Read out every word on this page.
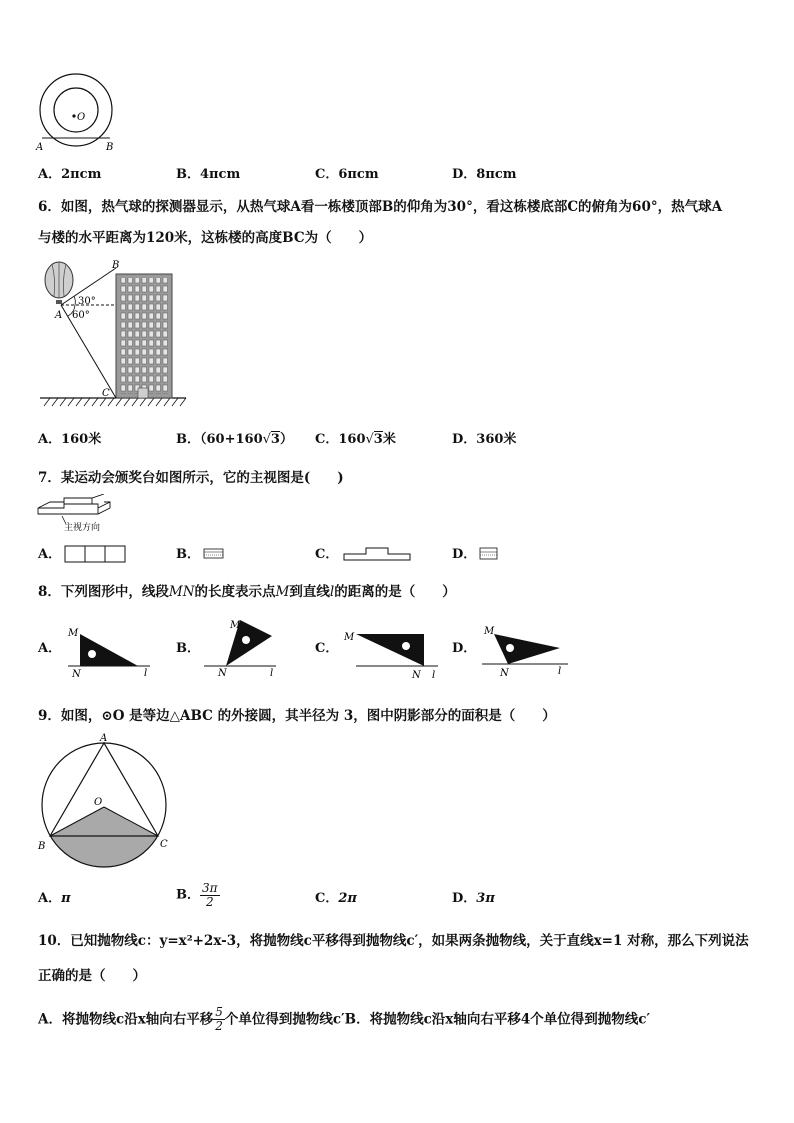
O
A	B
A．2πcm	B．4πcm	C．6πcm	D．8πcm
6．如图，热气球的探测器显示，从热气球A看一栋楼顶部B的仰角为30°，看这栋楼底部C的俯角为60°，热气球A
与楼的水平距离为120米，这栋楼的高度BC为（　　）
B
A
C
30°
60°
A．160米	B．（60+160√3） C．160√3米	D．360米
7．某运动会颁奖台如图所示，它的主视图是(　　)
主视方向
A．	B．	C．	D．
8．下列图形中，线段MN的长度表示点M到直线l的距离的是（　　）
A．
M
N	l
B．
M
N	l
C．
M
N l
D．
M
N	l
9．如图，⊙O 是等边△ABC 的外接圆，其半径为 3，图中阴影部分的面积是（　　）
A
B	C
O
A．π	B． $\frac{3\pi}{2}$	C．2π	D．3π
10．已知抛物线c：y=x²+2x-3，将抛物线c平移得到抛物线c′，如果两条抛物线，关于直线x=1 对称，那么下列说法
正确的是（　　）
A．将抛物线c沿x轴向右平移 $\frac{5}{2}$ 个单位得到抛物线c′B．将抛物线c沿x轴向右平移4个单位得到抛物线c′
